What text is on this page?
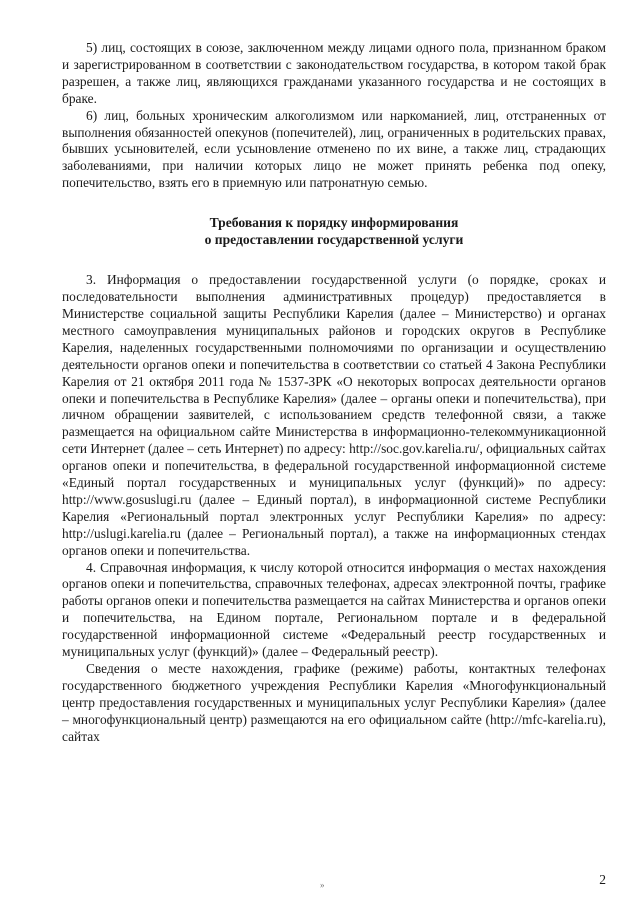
5) лиц, состоящих в союзе, заключенном между лицами одного пола, признанном браком и зарегистрированном в соответствии с законодательством государства, в котором такой брак разрешен, а также лиц, являющихся гражданами указанного государства и не состоящих в браке.

6) лиц, больных хроническим алкоголизмом или наркоманией, лиц, отстраненных от выполнения обязанностей опекунов (попечителей), лиц, ограниченных в родительских правах, бывших усыновителей, если усыновление отменено по их вине, а также лиц, страдающих заболеваниями, при наличии которых лицо не может принять ребенка под опеку, попечительство, взять его в приемную или патронатную семью.

Требования к порядку информирования
о предоставлении государственной услуги

3. Информация о предоставлении государственной услуги (о порядке, сроках и последовательности выполнения административных процедур) предоставляется в Министерстве социальной защиты Республики Карелия (далее – Министерство) и органах местного самоуправления муниципальных районов и городских округов в Республике Карелия, наделенных государственными полномочиями по организации и осуществлению деятельности органов опеки и попечительства в соответствии со статьей 4 Закона Республики Карелия от 21 октября 2011 года № 1537-ЗРК «О некоторых вопросах деятельности органов опеки и попечительства в Республике Карелия» (далее – органы опеки и попечительства), при личном обращении заявителей, с использованием средств телефонной связи, а также размещается на официальном сайте Министерства в информационно-телекоммуникационной сети Интернет (далее – сеть Интернет) по адресу: http://soc.gov.karelia.ru/, официальных сайтах органов опеки и попечительства, в федеральной государственной информационной системе «Единый портал государственных и муниципальных услуг (функций)» по адресу: http://www.gosuslugi.ru (далее – Единый портал), в информационной системе Республики Карелия «Региональный портал электронных услуг Республики Карелия» по адресу: http://uslugi.karelia.ru (далее – Региональный портал), а также на информационных стендах органов опеки и попечительства.

4. Справочная информация, к числу которой относится информация о местах нахождения органов опеки и попечительства, справочных телефонах, адресах электронной почты, графике работы органов опеки и попечительства размещается на сайтах Министерства и органов опеки и попечительства, на Едином портале, Региональном портале и в федеральной государственной информационной системе «Федеральный реестр государственных и муниципальных услуг (функций)» (далее – Федеральный реестр).

Сведения о месте нахождения, графике (режиме) работы, контактных телефонах государственного бюджетного учреждения Республики Карелия «Многофункциональный центр предоставления государственных и муниципальных услуг Республики Карелия» (далее – многофункциональный центр) размещаются на его официальном сайте (http://mfc-karelia.ru), сайтах

»	2
